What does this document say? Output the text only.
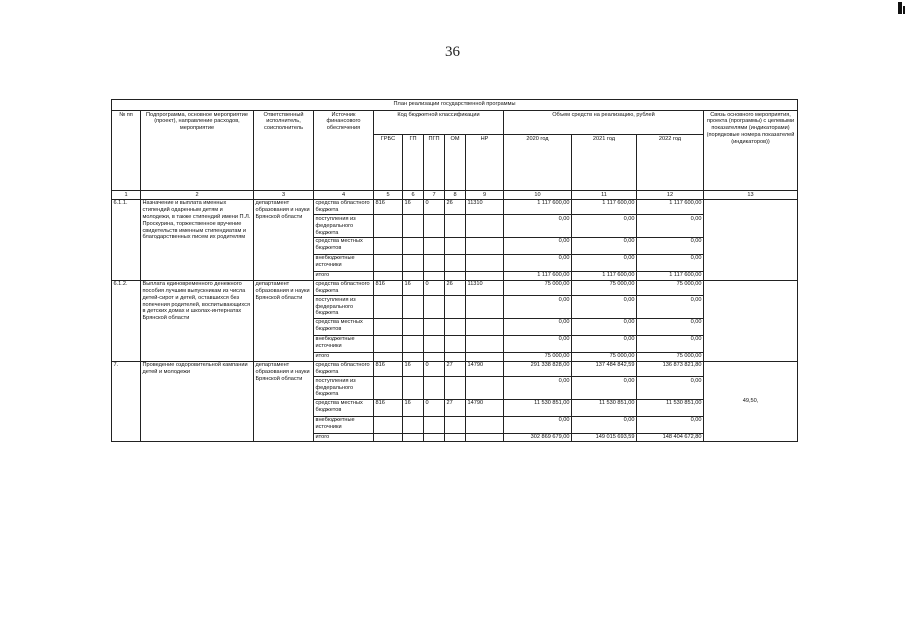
36
План реализации государственной программы												
№ пп	Подпрограмма, основное мероприятие (проект), направление расходов, мероприятие	Ответственный исполнитель, соисполнитель	Источник финансового обеспечения	Код бюджетной классификации					Объем средств на реализацию, рублей			Связь основного мероприятия, проекта (программы) с целевыми показателями (индикаторами) (порядковые номера показателей (индикаторов))
				ГРБС	ГП	ПГП	ОМ	НР	2020 год	2021 год	2022 год	
1	2	3	4	5	6	7	8	9	10	11	12	13
6.1.1.	Назначение и выплата именных стипендий одаренным детям и молодежи, в также стипендий имени П.Л. Проскурина, торжественное вручение свидетельств именным стипендиатам и благодарственных писем их родителям	департамент образования и науки Брянской области	средства областного бюджета	816	16	0	26	11310	1 117 600,00	1 117 600,00	1 117 600,00	
			поступления из федерального бюджета						0,00	0,00	0,00	
			средства местных бюджетов						0,00	0,00	0,00	
			внебюджетные источники						0,00	0,00	0,00	
			итого						1 117 600,00	1 117 600,00	1 117 600,00	
6.1.2.	Выплата единовременного денежного пособия лучшим выпускникам из числа детей-сирот и детей, оставшихся без попечения родителей, воспитывающихся в детских домах и школах-интернатах Брянской области	департамент образования и науки Брянской области	средства областного бюджета	816	16	0	26	11310	75 000,00	75 000,00	75 000,00	
			поступления из федерального бюджета						0,00	0,00	0,00	
			средства местных бюджетов						0,00	0,00	0,00	
			внебюджетные источники						0,00	0,00	0,00	
			итого						75 000,00	75 000,00	75 000,00	
7.	Проведение оздоровительной кампании детей и молодежи	департамент образования и науки Брянской области	средства областного бюджета	816	16	0	27	14790	291 338 828,00	137 484 842,59	136 873 821,80	49,50,
			поступления из федерального бюджета						0,00	0,00	0,00	
			средства местных бюджетов	816	16	0	27	14790	11 530 851,00	11 530 851,00	11 530 851,00	
			внебюджетные источники						0,00	0,00	0,00	
			итого						302 869 679,00	149 015 693,59	148 404 672,80	
